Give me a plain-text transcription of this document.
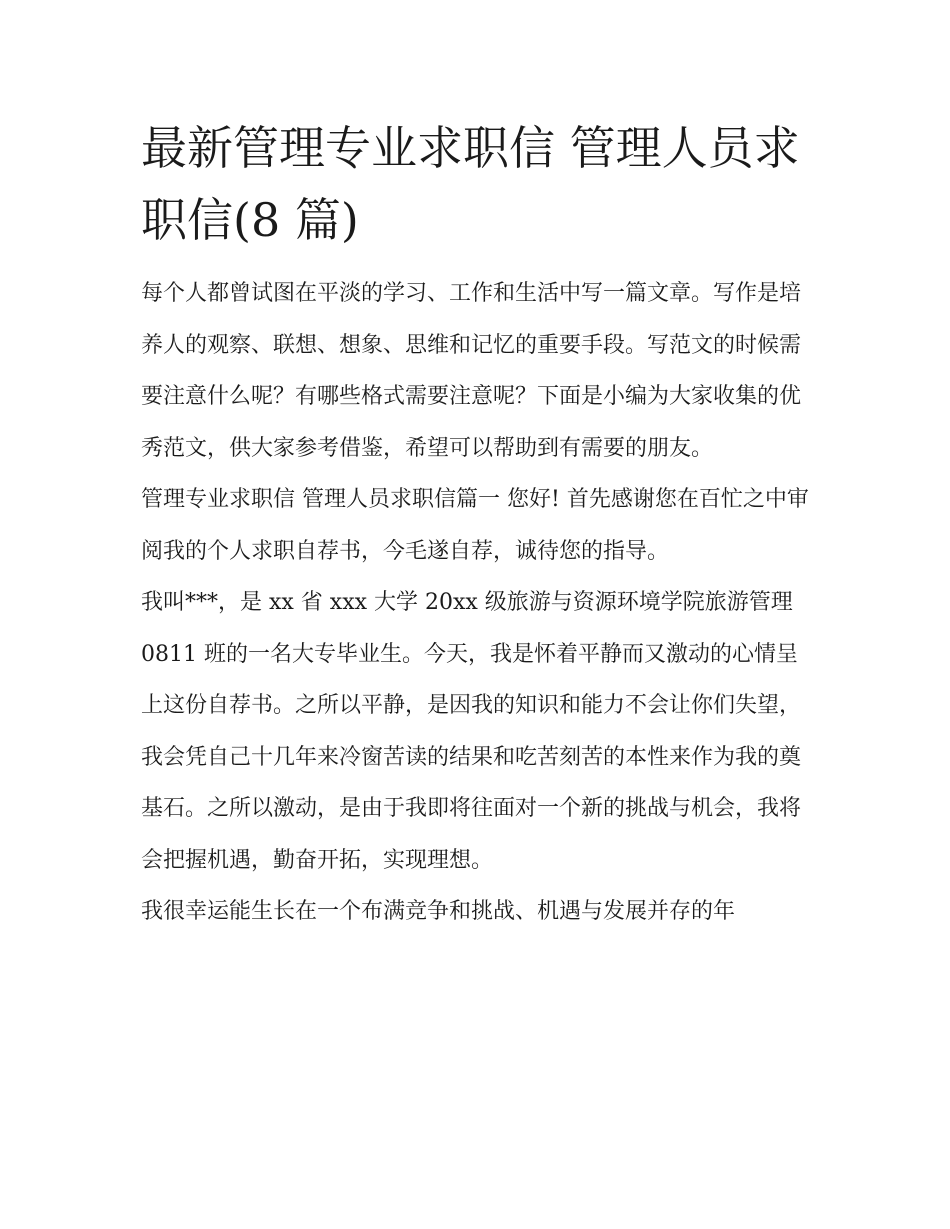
最新管理专业求职信 管理人员求职信(8 篇)

每个人都曾试图在平淡的学习、工作和生活中写一篇文章。写作是培养人的观察、联想、想象、思维和记忆的重要手段。写范文的时候需要注意什么呢？有哪些格式需要注意呢？下面是小编为大家收集的优秀范文，供大家参考借鉴，希望可以帮助到有需要的朋友。

管理专业求职信 管理人员求职信篇一 您好! 首先感谢您在百忙之中审阅我的个人求职自荐书，今毛遂自荐，诚待您的指导。

我叫***，是 xx 省 xxx 大学 20xx 级旅游与资源环境学院旅游管理 0811 班的一名大专毕业生。今天，我是怀着平静而又激动的心情呈上这份自荐书。之所以平静，是因我的知识和能力不会让你们失望，我会凭自己十几年来冷窗苦读的结果和吃苦刻苦的本性来作为我的奠基石。之所以激动，是由于我即将往面对一个新的挑战与机会，我将会把握机遇，勤奋开拓，实现理想。

我很幸运能生长在一个布满竞争和挑战、机遇与发展并存的年
